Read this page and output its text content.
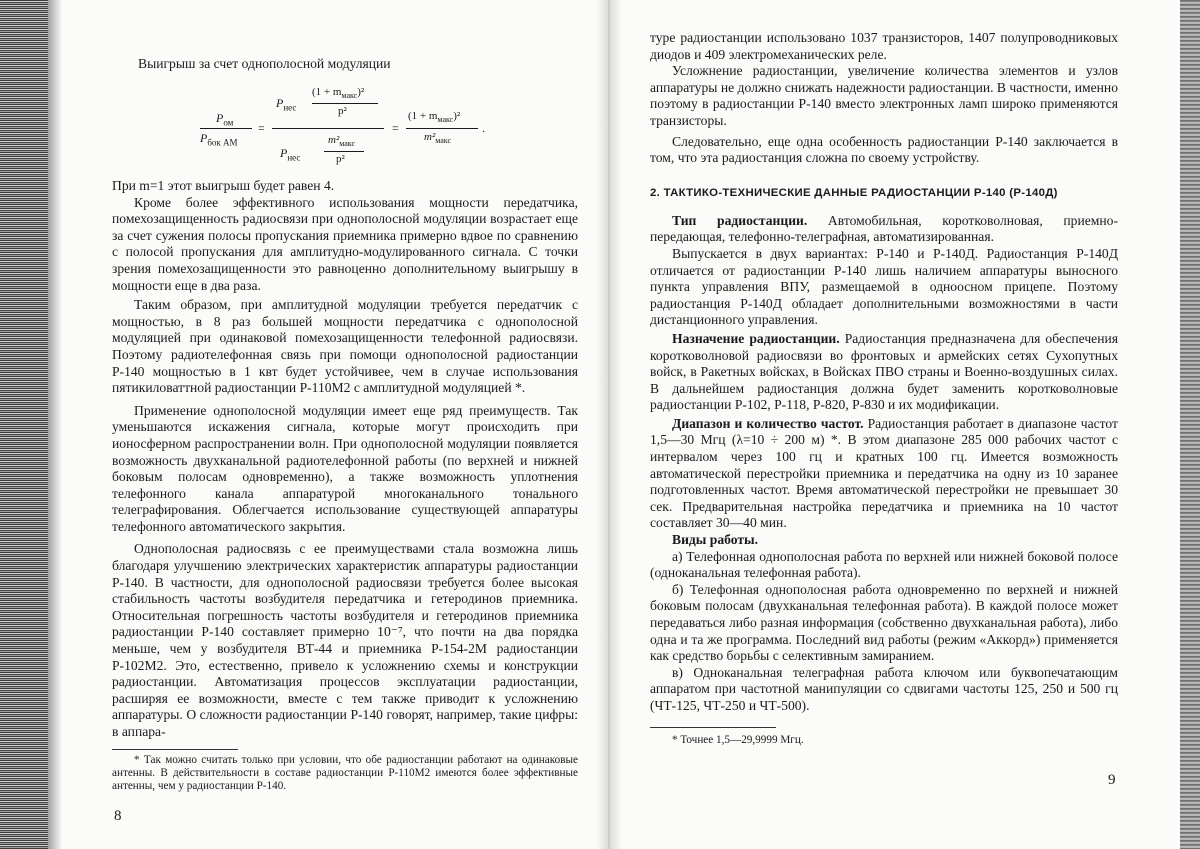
Выигрыш за счет однополосной модуляции
$P_{ом}$
$P_{бок AM}$
=
$P_{нес}$
$(1 + m_{макс})^2$
p²
$P_{нес}$
$m^2_{макс}$
p²
=
$(1 + m_{макс})^2$
$m^2_{макс}$
.

При m=1 этот выигрыш будет равен 4.

Кроме более эффективного использования мощности передатчика, помехозащищенность радиосвязи при однополосной модуляции возрастает еще за счет сужения полосы пропускания приемника примерно вдвое по сравнению с полосой пропускания для амплитудно-модулированного сигнала. С точки зрения помехозащищенности это равноценно дополнительному выигрышу в мощности еще в два раза.

Таким образом, при амплитудной модуляции требуется передатчик с мощностью, в 8 раз большей мощности передатчика с однополосной модуляцией при одинаковой помехозащищенности телефонной радиосвязи. Поэтому радиотелефонная связь при помощи однополосной радиостанции Р-140 мощностью в 1 квт будет устойчивее, чем в случае использования пятикиловаттной радиостанции Р-110М2 с амплитудной модуляцией *.

Применение однополосной модуляции имеет еще ряд преимуществ. Так уменьшаются искажения сигнала, которые могут происходить при ионосферном распространении волн. При однополосной модуляции появляется возможность двухканальной радиотелефонной работы (по верхней и нижней боковым полосам одновременно), а также возможность уплотнения телефонного канала аппаратурой многоканального тонального телеграфирования. Облегчается использование существующей аппаратуры телефонного автоматического закрытия.

Однополосная радиосвязь с ее преимуществами стала возможна лишь благодаря улучшению электрических характеристик аппаратуры радиостанции Р-140. В частности, для однополосной радиосвязи требуется более высокая стабильность частоты возбудителя передатчика и гетеродинов приемника. Относительная погрешность частоты возбудителя и гетеродинов приемника радиостанции Р-140 составляет примерно 10⁻⁷, что почти на два порядка меньше, чем у возбудителя ВТ-44 и приемника Р-154-2М радиостанции Р-102М2. Это, естественно, привело к усложнению схемы и конструкции радиостанции. Автоматизация процессов эксплуатации радиостанции, расширяя ее возможности, вместе с тем также приводит к усложнению аппаратуры. О сложности радиостанции Р-140 говорят, например, такие цифры: в аппара-

* Так можно считать только при условии, что обе радиостанции работают на одинаковые антенны. В действительности в составе радиостанции Р-110М2 имеются более эффективные антенны, чем у радиостанции Р-140.

8

туре радиостанции использовано 1037 транзисторов, 1407 полупроводниковых диодов и 409 электромеханических реле.

Усложнение радиостанции, увеличение количества элементов и узлов аппаратуры не должно снижать надежности радиостанции. В частности, именно поэтому в радиостанции Р-140 вместо электронных ламп широко применяются транзисторы.

Следовательно, еще одна особенность радиостанции Р-140 заключается в том, что эта радиостанция сложна по своему устройству.

2. ТАКТИКО-ТЕХНИЧЕСКИЕ ДАННЫЕ РАДИОСТАНЦИИ Р-140 (Р-140Д)

Тип радиостанции. Автомобильная, коротковолновая, приемно-передающая, телефонно-телеграфная, автоматизированная.

Выпускается в двух вариантах: Р-140 и Р-140Д. Радиостанция Р-140Д отличается от радиостанции Р-140 лишь наличием аппаратуры выносного пункта управления ВПУ, размещаемой в одноосном прицепе. Поэтому радиостанция Р-140Д обладает дополнительными возможностями в части дистанционного управления.

Назначение радиостанции. Радиостанция предназначена для обеспечения коротковолновой радиосвязи во фронтовых и армейских сетях Сухопутных войск, в Ракетных войсках, в Войсках ПВО страны и Военно-воздушных силах. В дальнейшем радиостанция должна будет заменить коротковолновые радиостанции Р-102, Р-118, Р-820, Р-830 и их модификации.

Диапазон и количество частот. Радиостанция работает в диапазоне частот 1,5—30 Мгц (λ=10 ÷ 200 м) *. В этом диапазоне 285 000 рабочих частот с интервалом через 100 гц и кратных 100 гц. Имеется возможность автоматической перестройки приемника и передатчика на одну из 10 заранее подготовленных частот. Время автоматической перестройки не превышает 30 сек. Предварительная настройка передатчика и приемника на 10 частот составляет 30—40 мин.

Виды работы.

а) Телефонная однополосная работа по верхней или нижней боковой полосе (одноканальная телефонная работа).

б) Телефонная однополосная работа одновременно по верхней и нижней боковым полосам (двухканальная телефонная работа). В каждой полосе может передаваться либо разная информация (собственно двухканальная работа), либо одна и та же программа. Последний вид работы (режим «Аккорд») применяется как средство борьбы с селективным замиранием.

в) Одноканальная телеграфная работа ключом или буквопечатающим аппаратом при частотной манипуляции со сдвигами частоты 125, 250 и 500 гц (ЧТ-125, ЧТ-250 и ЧТ-500).

* Точнее 1,5—29,9999 Мгц.

9
